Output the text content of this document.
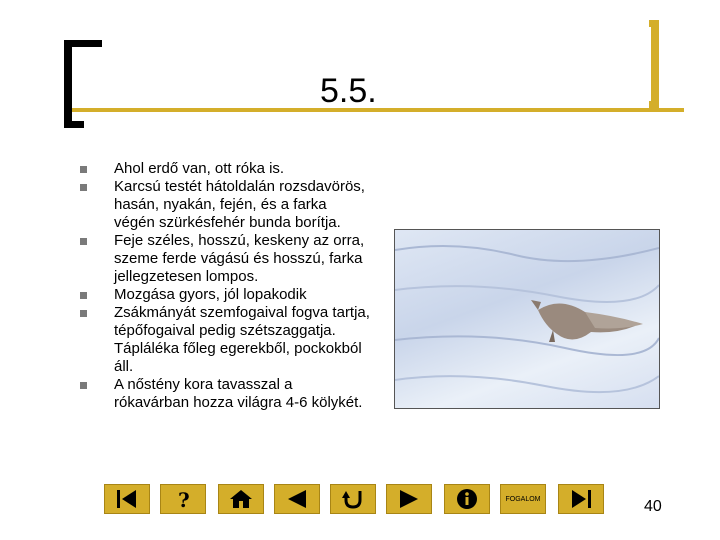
5.5.
Ahol erdő van, ott róka is.
Karcsú testét hátoldalán rozsdavörös, hasán, nyakán, fején, és a farka végén szürkésfehér bunda borítja.
Feje széles, hosszú, keskeny az orra, szeme ferde vágású és hosszú, farka jellegzetesen lompos.
Mozgása gyors, jól lopakodik
Zsákmányát szemfogaival fogva tartja, tépőfogaival pedig szétszaggatja. Tápláléka főleg egerekből, pockokból áll.
A nőstény kora tavasszal a rókavárban hozza világra 4-6 kölykét.
?	FOGALOM	40
